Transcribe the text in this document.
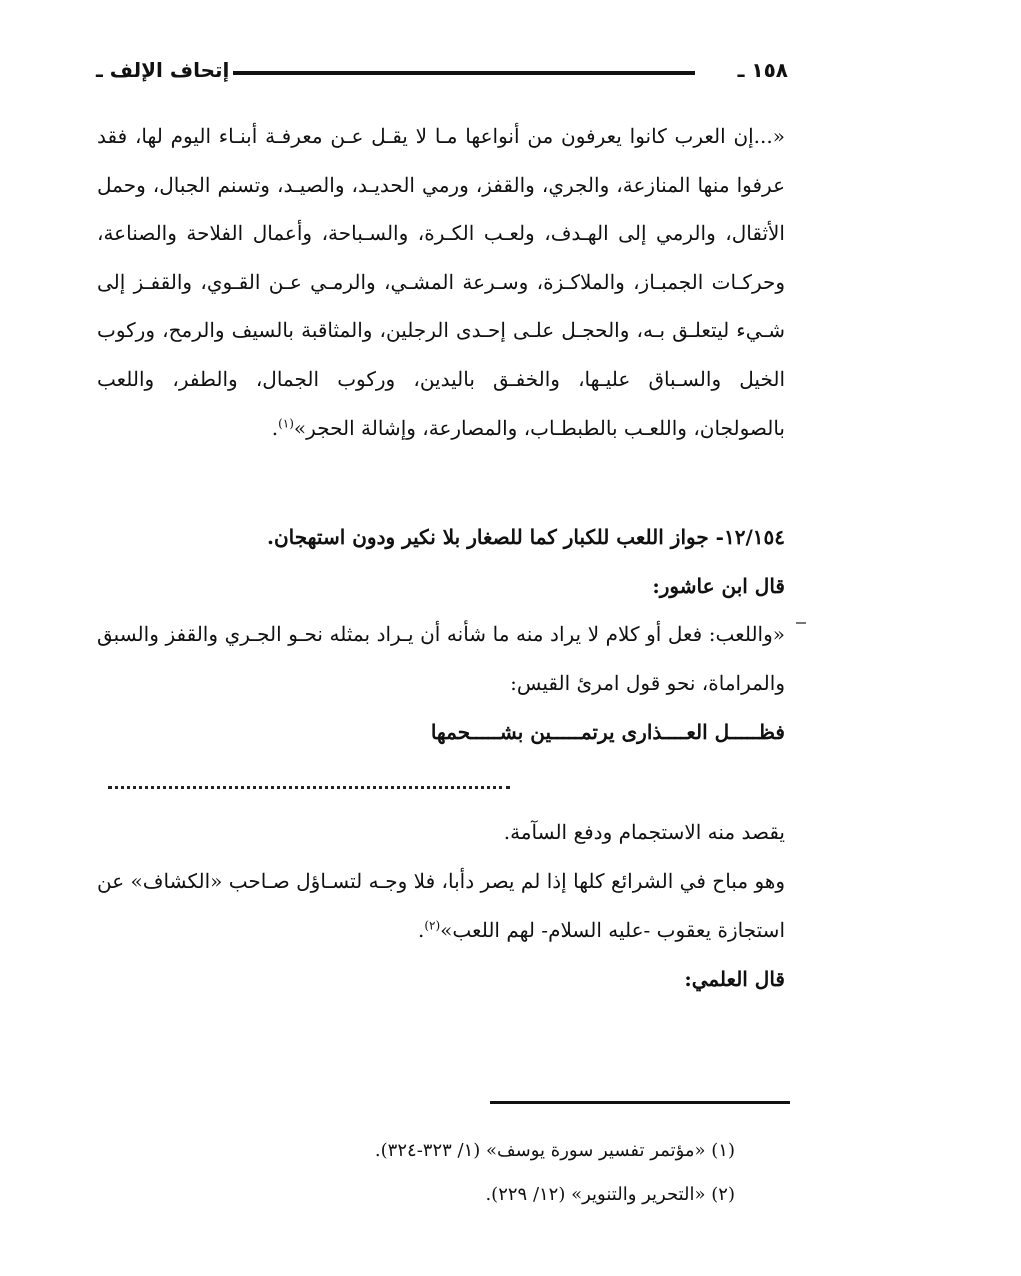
إتحاف الإلف ـ	١٥٨ ـ
«...إن العرب كانوا يعرفون من أنواعها مـا لا يقـل عـن معرفـة أبنـاء اليوم لها، فقد عرفوا منها المنازعة، والجري، والقفز، ورمي الحديـد، والصيـد، وتسنم الجبال، وحمل الأثقال، والرمي إلى الهـدف، ولعـب الكـرة، والسـباحة، وأعمال الفلاحة والصناعة، وحركـات الجمبـاز، والملاكـزة، وسـرعة المشـي، والرمـي عـن القـوي، والقفـز إلى شـيء ليتعلـق بـه، والحجـل علـى إحـدى الرجلين، والمثاقبة بالسيف والرمح، وركوب الخيل والسـباق عليـها، والخفـق باليدين، وركوب الجمال، والطفر، واللعب بالصولجان، واللعـب بالطبطـاب، والمصارعة، وإشالة الحجر»$^{(١)}$.
١٢/١٥٤- جواز اللعب للكبار كما للصغار بلا نكير ودون استهجان.
قال ابن عاشور:
«واللعب: فعل أو كلام لا يراد منه ما شأنه أن يـراد بمثله نحـو الجـري والقفز والسبق والمراماة، نحو قول امرئ القيس:
فظـــــل العــــذارى يرتمـــــين بشـــــحمها
يقصد منه الاستجمام ودفع السآمة.
وهو مباح في الشرائع كلها إذا لم يصر دأبا، فلا وجـه لتسـاؤل صـاحب «الكشاف» عن استجازة يعقوب -عليه السلام- لهم اللعب»$^{(٢)}$.
قال العلمي:
(١) «مؤتمر تفسير سورة يوسف» (١/ ٣٢٣-٣٢٤).
(٢) «التحرير والتنوير» (١٢/ ٢٢٩).
